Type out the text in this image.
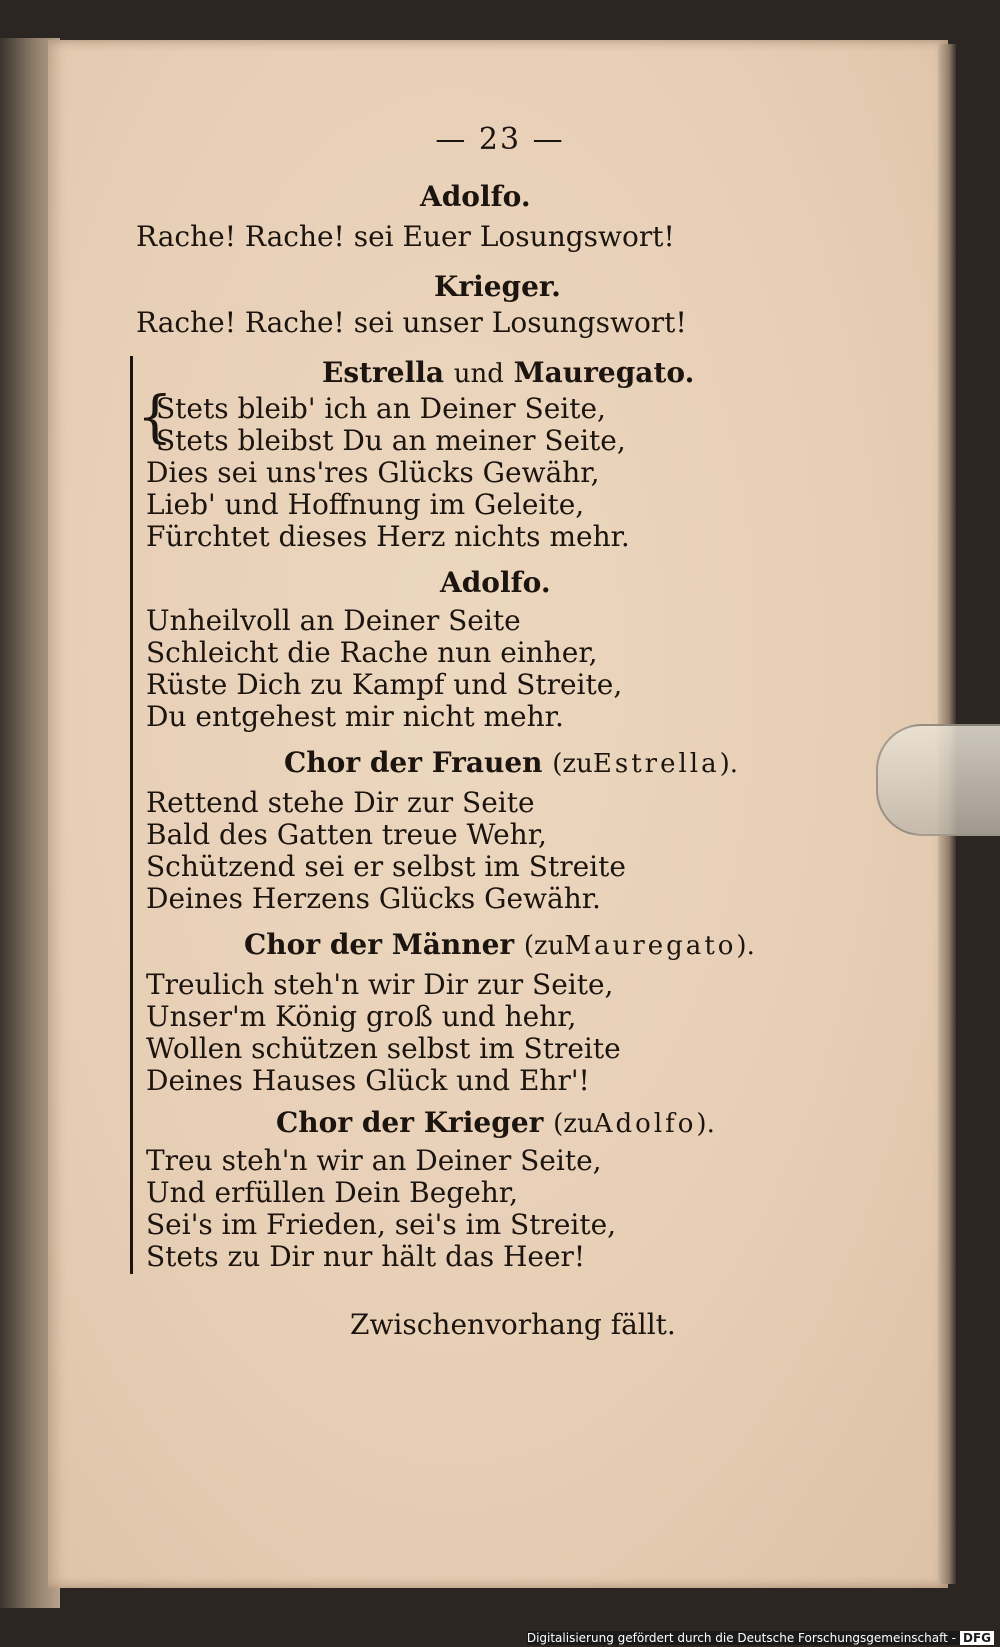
— 23 —
Adolfo.
Rache! Rache! sei Euer Losungswort!
Krieger.
Rache! Rache! sei unser Losungswort!
Estrella und Mauregato.
{
Stets bleib' ich an Deiner Seite,
Stets bleibst Du an meiner Seite,
Dies sei uns'res Glücks Gewähr,
Lieb' und Hoffnung im Geleite,
Fürchtet dieses Herz nichts mehr.
Adolfo.
Unheilvoll an Deiner Seite
Schleicht die Rache nun einher,
Rüste Dich zu Kampf und Streite,
Du entgehest mir nicht mehr.
Chor der Frauen (zuEstrella).
Rettend stehe Dir zur Seite
Bald des Gatten treue Wehr,
Schützend sei er selbst im Streite
Deines Herzens Glücks Gewähr.
Chor der Männer (zuMauregato).
Treulich steh'n wir Dir zur Seite,
Unser'm König groß und hehr,
Wollen schützen selbst im Streite
Deines Hauses Glück und Ehr'!
Chor der Krieger (zuAdolfo).
Treu steh'n wir an Deiner Seite,
Und erfüllen Dein Begehr,
Sei's im Frieden, sei's im Streite,
Stets zu Dir nur hält das Heer!
Zwischenvorhang fällt.
Digitalisierung gefördert durch die Deutsche Forschungsgemeinschaft - DFG
